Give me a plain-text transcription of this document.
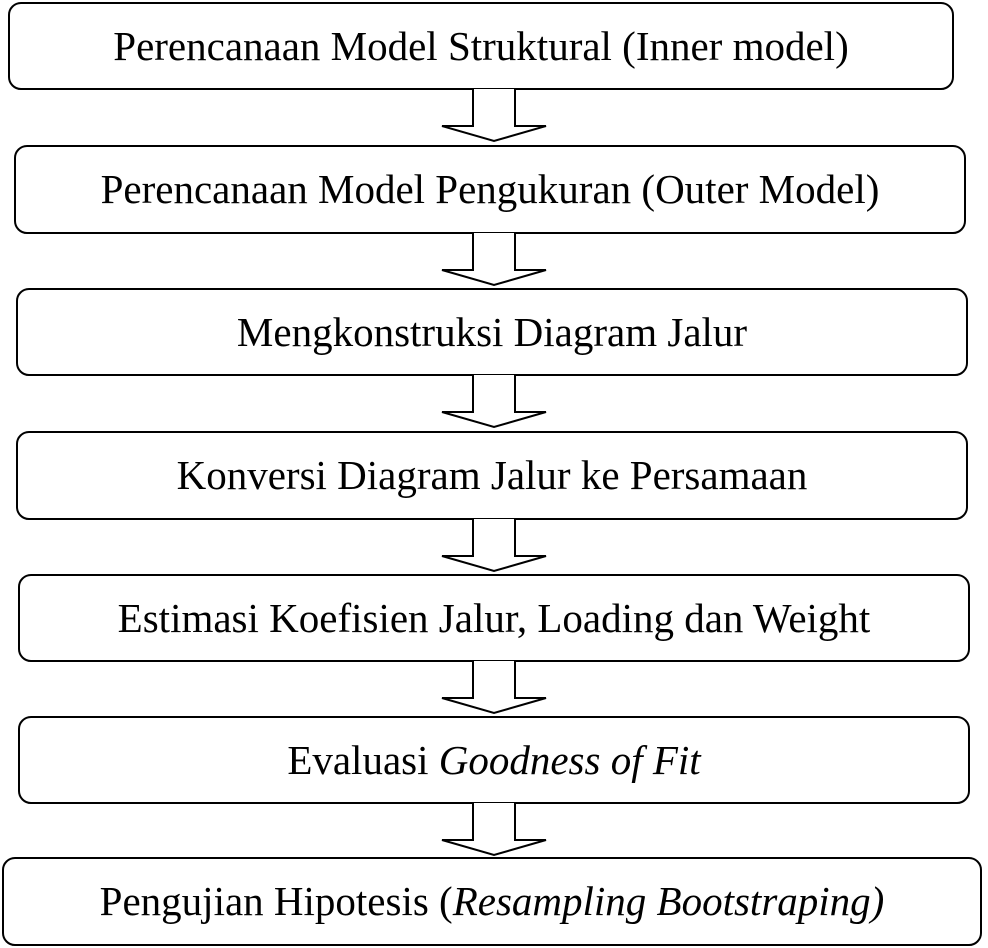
Perencanaan Model Struktural (Inner model)
Perencanaan Model Pengukuran (Outer Model)
Mengkonstruksi Diagram Jalur
Konversi Diagram Jalur ke Persamaan
Estimasi Koefisien Jalur, Loading dan Weight
Evaluasi Goodness of Fit
Pengujian Hipotesis (Resampling Bootstraping)
